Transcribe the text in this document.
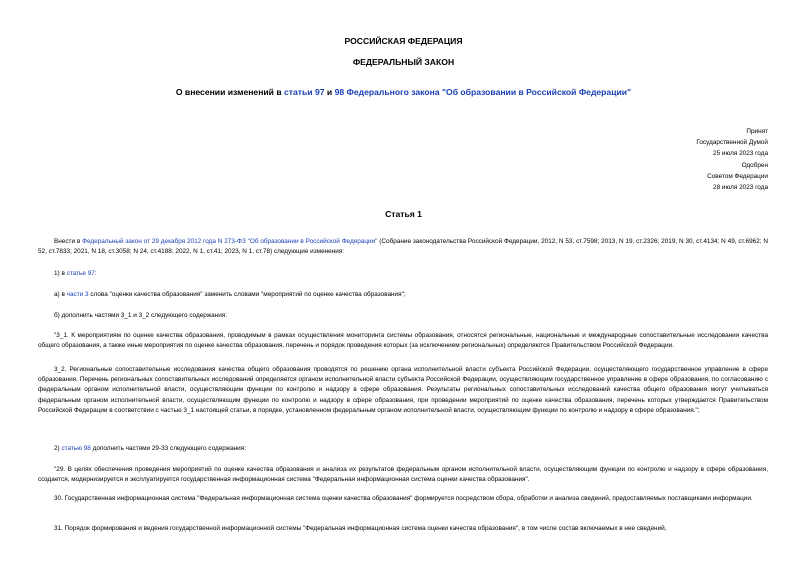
РОССИЙСКАЯ ФЕДЕРАЦИЯ
ФЕДЕРАЛЬНЫЙ ЗАКОН
О внесении изменений в статьи 97 и 98 Федерального закона "Об образовании в Российской Федерации"
Принят
Государственной Думой
25 июля 2023 года
Одобрен
Советом Федерации
28 июля 2023 года
Статья 1
Внести в Федеральный закон от 29 декабря 2012 года N 273-ФЗ "Об образовании в Российской Федерации" (Собрание законодательства Российской Федерации, 2012, N 53, ст.7598; 2013, N 19, ст.2326; 2019, N 30, ст.4134; N 49, ст.6962; N 52, ст.7833; 2021, N 18, ст.3058; N 24, ст.4188; 2022, N 1, ст.41; 2023, N 1, ст.78) следующие изменения:
1) в статье 97:
а) в части 3 слова "оценки качества образования" заменить словами "мероприятий по оценке качества образования";
б) дополнить частями 3_1 и 3_2 следующего содержания:
"3_1. К мероприятиям по оценке качества образования, проводимым в рамках осуществления мониторинга системы образования, относятся региональные, национальные и международные сопоставительные исследования качества общего образования, а также иные мероприятия по оценке качества образования, перечень и порядок проведения которых (за исключением региональных) определяются Правительством Российской Федерации.
3_2. Региональные сопоставительные исследования качества общего образования проводятся по решению органа исполнительной власти субъекта Российской Федерации, осуществляющего государственное управление в сфере образования. Перечень региональных сопоставительных исследований определяется органом исполнительной власти субъекта Российской Федерации, осуществляющим государственное управление в сфере образования, по согласованию с федеральным органом исполнительной власти, осуществляющим функции по контролю и надзору в сфере образования. Результаты региональных сопоставительных исследований качества общего образования могут учитываться федеральным органом исполнительной власти, осуществляющим функции по контролю и надзору в сфере образования, при проведении мероприятий по оценке качества образования, перечень которых утверждается Правительством Российской Федерации в соответствии с частью 3_1 настоящей статьи, в порядке, установленном федеральным органом исполнительной власти, осуществляющим функции по контролю и надзору в сфере образования.";
2) статью 98 дополнить частями 29-33 следующего содержания:
"29. В целях обеспечения проведения мероприятий по оценке качества образования и анализа их результатов федеральным органом исполнительной власти, осуществляющим функции по контролю и надзору в сфере образования, создается, модернизируется и эксплуатируется государственная информационная система "Федеральная информационная система оценки качества образования".
30. Государственная информационная система "Федеральная информационная система оценки качества образования" формируется посредством сбора, обработки и анализа сведений, предоставляемых поставщиками информации.
31. Порядок формирования и ведения государственной информационной системы "Федеральная информационная система оценки качества образования", в том числе состав включаемых в нее сведений,
